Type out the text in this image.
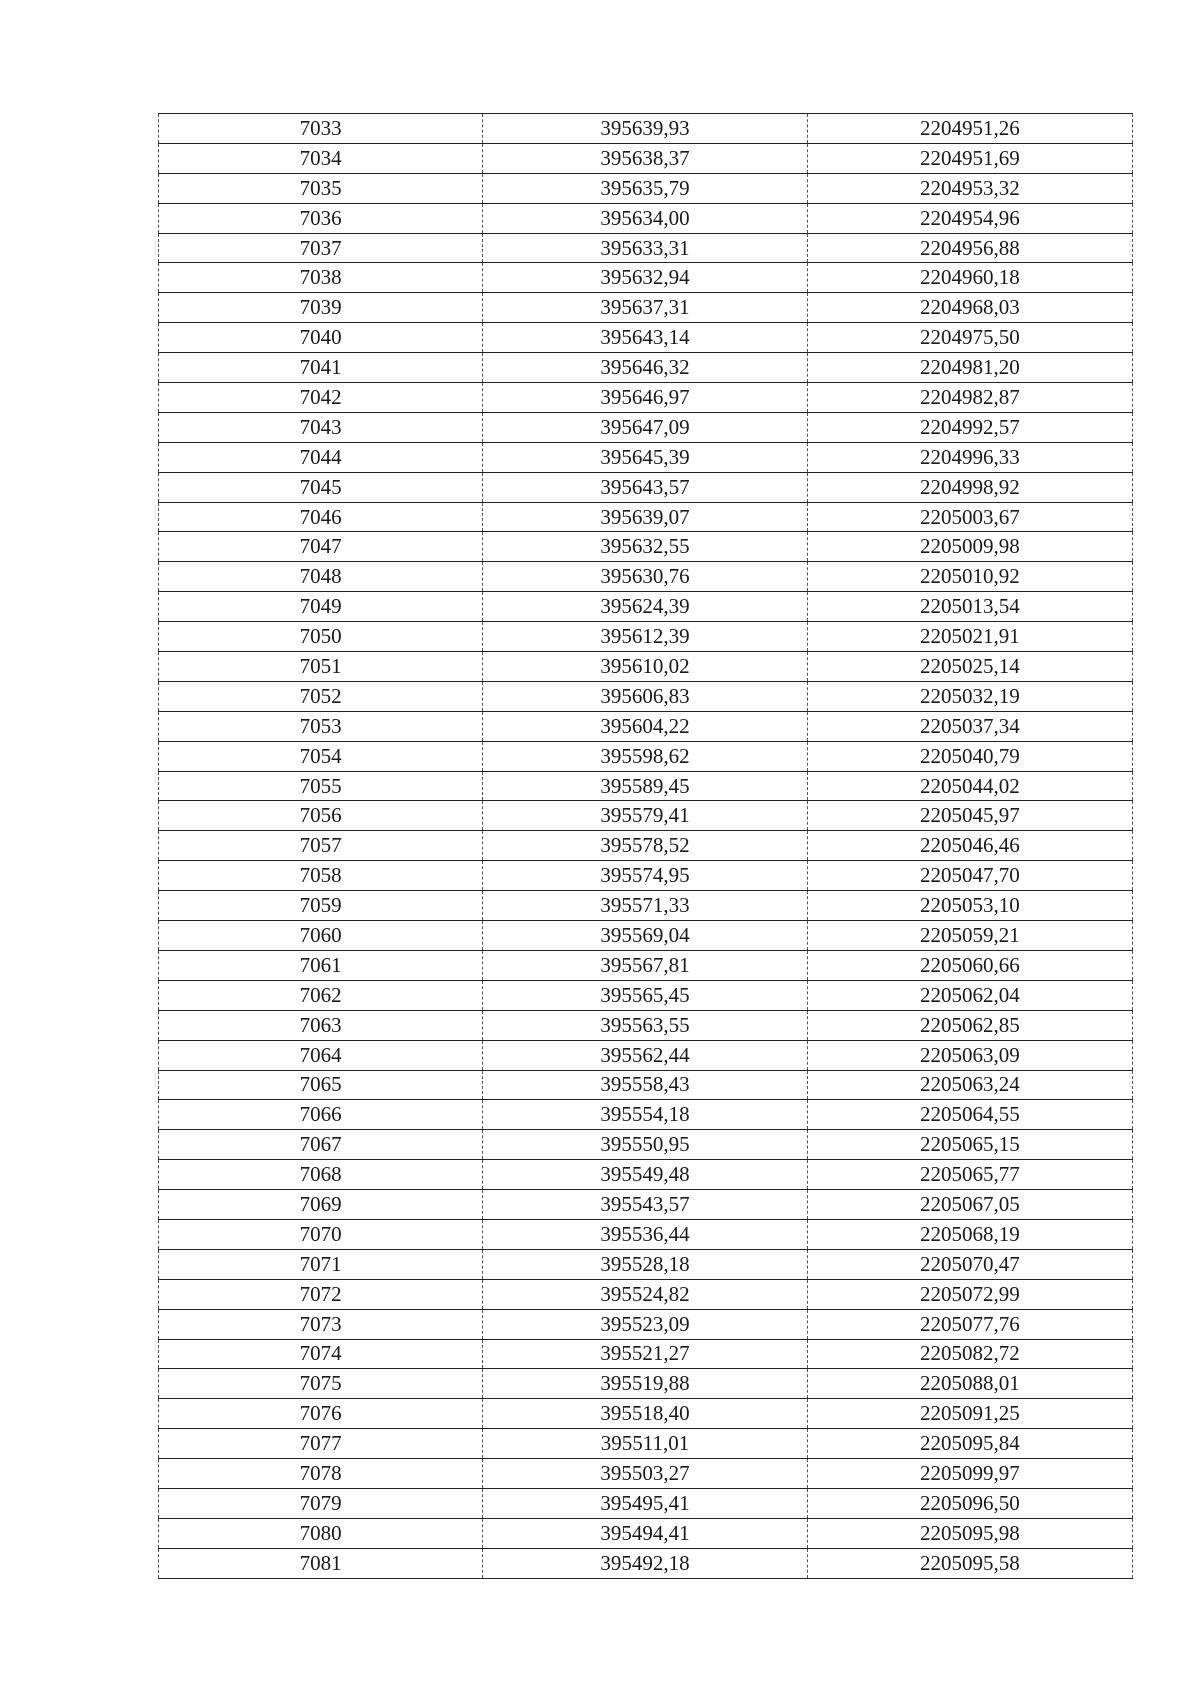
7033	395639,93	2204951,26
7034	395638,37	2204951,69
7035	395635,79	2204953,32
7036	395634,00	2204954,96
7037	395633,31	2204956,88
7038	395632,94	2204960,18
7039	395637,31	2204968,03
7040	395643,14	2204975,50
7041	395646,32	2204981,20
7042	395646,97	2204982,87
7043	395647,09	2204992,57
7044	395645,39	2204996,33
7045	395643,57	2204998,92
7046	395639,07	2205003,67
7047	395632,55	2205009,98
7048	395630,76	2205010,92
7049	395624,39	2205013,54
7050	395612,39	2205021,91
7051	395610,02	2205025,14
7052	395606,83	2205032,19
7053	395604,22	2205037,34
7054	395598,62	2205040,79
7055	395589,45	2205044,02
7056	395579,41	2205045,97
7057	395578,52	2205046,46
7058	395574,95	2205047,70
7059	395571,33	2205053,10
7060	395569,04	2205059,21
7061	395567,81	2205060,66
7062	395565,45	2205062,04
7063	395563,55	2205062,85
7064	395562,44	2205063,09
7065	395558,43	2205063,24
7066	395554,18	2205064,55
7067	395550,95	2205065,15
7068	395549,48	2205065,77
7069	395543,57	2205067,05
7070	395536,44	2205068,19
7071	395528,18	2205070,47
7072	395524,82	2205072,99
7073	395523,09	2205077,76
7074	395521,27	2205082,72
7075	395519,88	2205088,01
7076	395518,40	2205091,25
7077	395511,01	2205095,84
7078	395503,27	2205099,97
7079	395495,41	2205096,50
7080	395494,41	2205095,98
7081	395492,18	2205095,58
